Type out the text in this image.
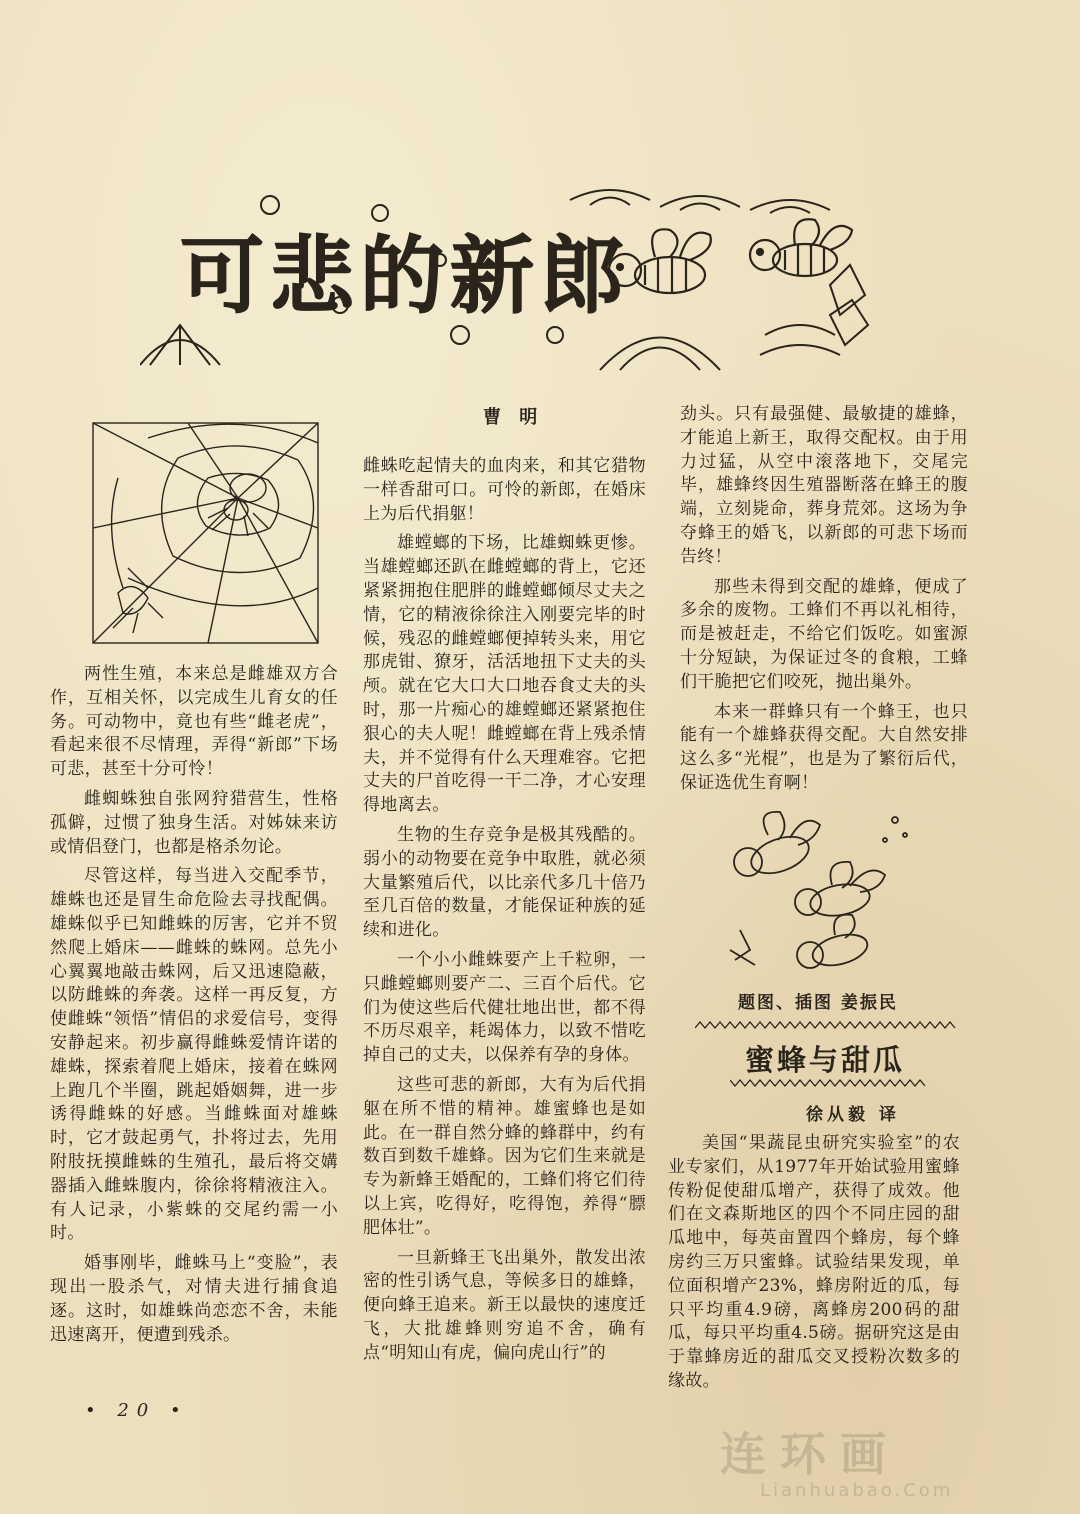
可悲的新郎
曹 明

两性生殖，本来总是雌雄双方合作，互相关怀，以完成生儿育女的任务。可动物中，竟也有些“雌老虎”，看起来很不尽情理，弄得“新郎”下场可悲，甚至十分可怜！

雌蜘蛛独自张网狩猎营生，性格孤僻，过惯了独身生活。对姊妹来访或情侣登门，也都是格杀勿论。

尽管这样，每当进入交配季节，雄蛛也还是冒生命危险去寻找配偶。雄蛛似乎已知雌蛛的厉害，它并不贸然爬上婚床——雌蛛的蛛网。总先小心翼翼地敲击蛛网，后又迅速隐蔽，以防雌蛛的奔袭。这样一再反复，方使雌蛛“领悟”情侣的求爱信号，变得安静起来。初步赢得雌蛛爱情许诺的雄蛛，探索着爬上婚床，接着在蛛网上跑几个半圈，跳起婚姻舞，进一步诱得雌蛛的好感。当雌蛛面对雄蛛时，它才鼓起勇气，扑将过去，先用附肢抚摸雌蛛的生殖孔，最后将交媾器插入雌蛛腹内，徐徐将精液注入。有人记录，小紫蛛的交尾约需一小时。

婚事刚毕，雌蛛马上“变脸”，表现出一股杀气，对情夫进行捕食追逐。这时，如雄蛛尚恋恋不舍，未能迅速离开，便遭到残杀。

雌蛛吃起情夫的血肉来，和其它猎物一样香甜可口。可怜的新郎，在婚床上为后代捐躯！

雄螳螂的下场，比雄蜘蛛更惨。当雄螳螂还趴在雌螳螂的背上，它还紧紧拥抱住肥胖的雌螳螂倾尽丈夫之情，它的精液徐徐注入刚要完毕的时候，残忍的雌螳螂便掉转头来，用它那虎钳、獠牙，活活地扭下丈夫的头颅。就在它大口大口地吞食丈夫的头时，那一片痴心的雄螳螂还紧紧抱住狠心的夫人呢！雌螳螂在背上残杀情夫，并不觉得有什么天理难容。它把丈夫的尸首吃得一干二净，才心安理得地离去。

生物的生存竞争是极其残酷的。弱小的动物要在竞争中取胜，就必须大量繁殖后代，以比亲代多几十倍乃至几百倍的数量，才能保证种族的延续和进化。

一个小小雌蛛要产上千粒卵，一只雌螳螂则要产二、三百个后代。它们为使这些后代健壮地出世，都不得不历尽艰辛，耗竭体力，以致不惜吃掉自己的丈夫，以保养有孕的身体。

这些可悲的新郎，大有为后代捐躯在所不惜的精神。雄蜜蜂也是如此。在一群自然分蜂的蜂群中，约有数百到数千雄蜂。因为它们生来就是专为新蜂王婚配的，工蜂们将它们待以上宾，吃得好，吃得饱，养得“膘肥体壮”。

一旦新蜂王飞出巢外，散发出浓密的性引诱气息，等候多日的雄蜂，便向蜂王追来。新王以最快的速度迁飞，大批雄蜂则穷追不舍，确有点“明知山有虎，偏向虎山行”的

劲头。只有最强健、最敏捷的雄蜂，才能追上新王，取得交配权。由于用力过猛，从空中滚落地下，交尾完毕，雄蜂终因生殖器断落在蜂王的腹端，立刻毙命，葬身荒郊。这场为争夺蜂王的婚飞，以新郎的可悲下场而告终！

那些未得到交配的雄蜂，便成了多余的废物。工蜂们不再以礼相待，而是被赶走，不给它们饭吃。如蜜源十分短缺，为保证过冬的食粮，工蜂们干脆把它们咬死，抛出巢外。

本来一群蜂只有一个蜂王，也只能有一个雄蜂获得交配。大自然安排这么多“光棍”，也是为了繁衍后代，保证选优生育啊！

题图、插图 姜振民
蜜蜂与甜瓜
徐从毅 译

美国“果蔬昆虫研究实验室”的农业专家们，从1977年开始试验用蜜蜂传粉促使甜瓜增产，获得了成效。他们在文森斯地区的四个不同庄园的甜瓜地中，每英亩置四个蜂房，每个蜂房约三万只蜜蜂。试验结果发现，单位面积增产23%，蜂房附近的瓜，每只平均重4.9磅，离蜂房200码的甜瓜，每只平均重4.5磅。据研究这是由于靠蜂房近的甜瓜交叉授粉次数多的缘故。

• 20 •
连环画
Lianhuabao.Com
